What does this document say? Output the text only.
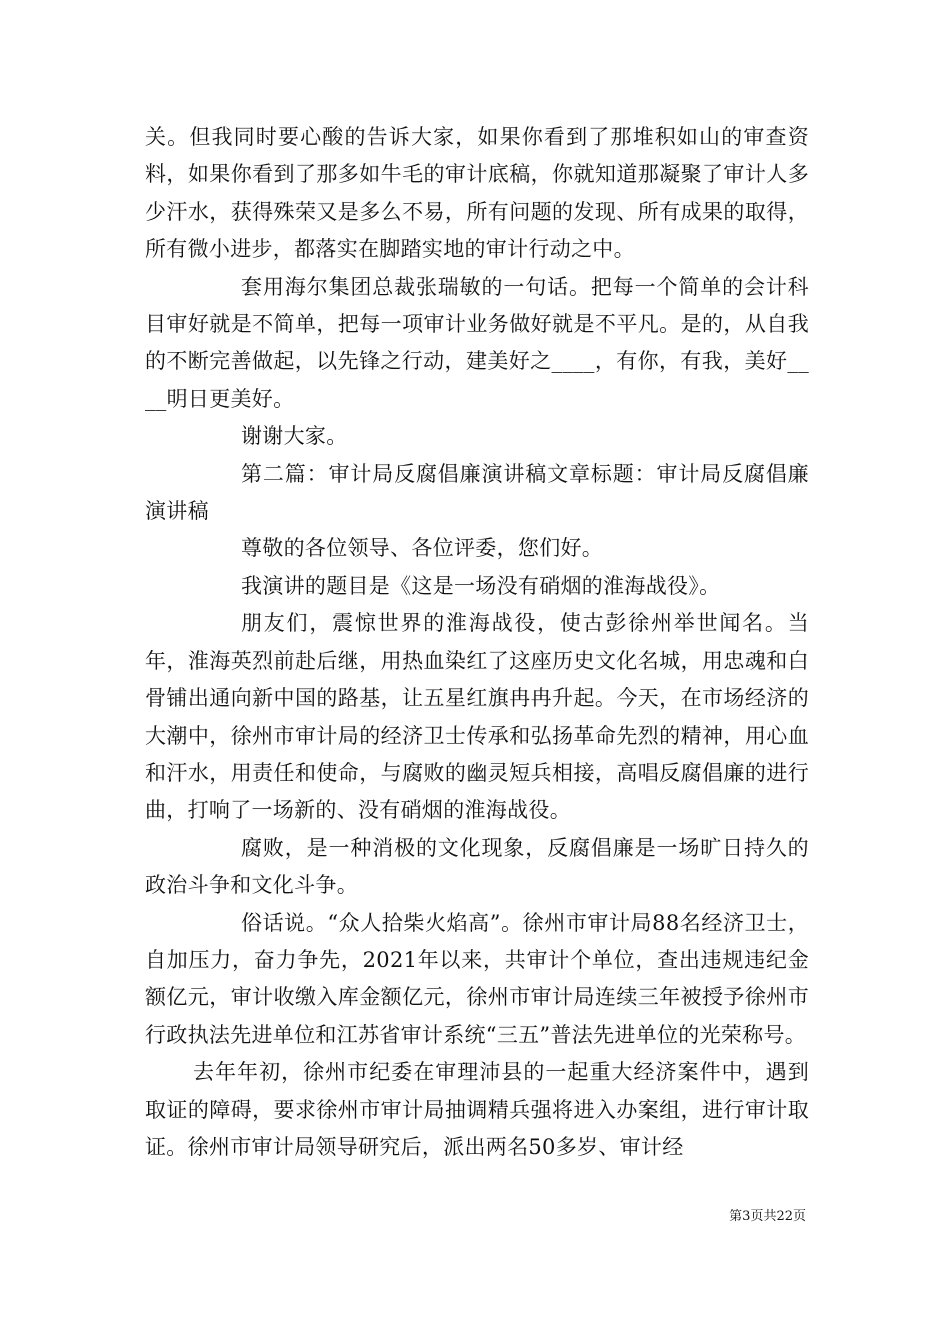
关。但我同时要心酸的告诉大家，如果你看到了那堆积如山的审查资料，如果你看到了那多如牛毛的审计底稿，你就知道那凝聚了审计人多少汗水，获得殊荣又是多么不易，所有问题的发现、所有成果的取得，所有微小进步，都落实在脚踏实地的审计行动之中。

套用海尔集团总裁张瑞敏的一句话。把每一个简单的会计科目审好就是不简单，把每一项审计业务做好就是不平凡。是的，从自我的不断完善做起，以先锋之行动，建美好之____，有你，有我，美好____明日更美好。

谢谢大家。

第二篇：审计局反腐倡廉演讲稿文章标题：审计局反腐倡廉演讲稿

尊敬的各位领导、各位评委，您们好。

我演讲的题目是《这是一场没有硝烟的淮海战役》。

朋友们，震惊世界的淮海战役，使古彭徐州举世闻名。当年，淮海英烈前赴后继，用热血染红了这座历史文化名城，用忠魂和白骨铺出通向新中国的路基，让五星红旗冉冉升起。今天，在市场经济的大潮中，徐州市审计局的经济卫士传承和弘扬革命先烈的精神，用心血和汗水，用责任和使命，与腐败的幽灵短兵相接，高唱反腐倡廉的进行曲，打响了一场新的、没有硝烟的淮海战役。

腐败，是一种消极的文化现象，反腐倡廉是一场旷日持久的政治斗争和文化斗争。

俗话说。“众人拾柴火焰高”。徐州市审计局88名经济卫士，自加压力，奋力争先，2021年以来，共审计个单位，查出违规违纪金额亿元，审计收缴入库金额亿元，徐州市审计局连续三年被授予徐州市行政执法先进单位和江苏省审计系统“三五”普法先进单位的光荣称号。

去年年初，徐州市纪委在审理沛县的一起重大经济案件中，遇到取证的障碍，要求徐州市审计局抽调精兵强将进入办案组，进行审计取证。徐州市审计局领导研究后，派出两名50多岁、审计经

第3页共22页
